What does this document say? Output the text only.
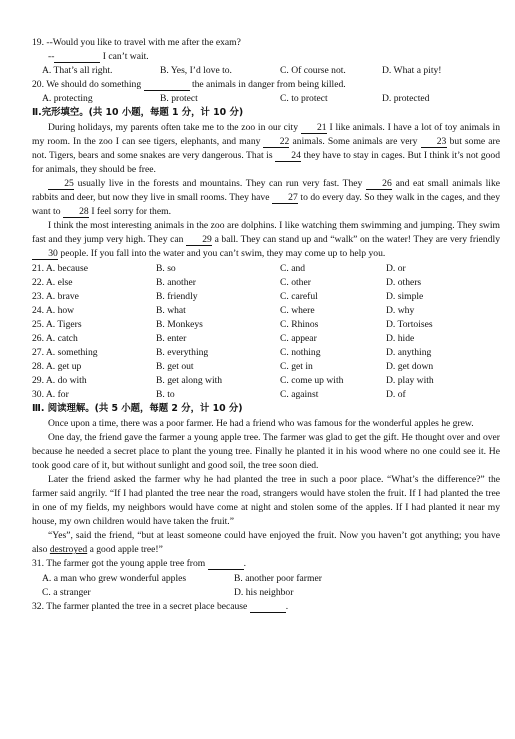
19. --Would you like to travel with me after the exam?
--	I can’t wait.
A. That’s all right.	B. Yes, I’d love to.	C. Of course not.	D. What a pity!
20. We should do something	the animals in danger from being killed.
A. protecting	B. protect	C. to protect	D. protected
Ⅱ.完形填空。(共 10 小题，每题 1 分，计 10 分)
During holidays, my parents often take me to the zoo in our city 21 I like animals. I have a lot of toy animals in my room. In the zoo I can see tigers, elephants, and many 22 animals. Some animals are very 23 but some are not. Tigers, bears and some snakes are very dangerous. That is 24 they have to stay in cages. But I think it’s not good for animals, they should be free.
25 usually live in the forests and mountains. They can run very fast. They 26 and eat small animals like rabbits and deer, but now they live in small rooms. They have 27 to do every day. So they walk in the cages, and they want to 28 I feel sorry for them.
I think the most interesting animals in the zoo are dolphins. I like watching them swimming and jumping. They swim fast and they jump very high. They can 29 a ball. They can stand up and “walk” on the water! They are very friendly 30 people. If you fall into the water and you can’t swim, they may come up to help you.
21. A. because	B. so	C. and	D. or
22. A. else	B. another	C. other	D. others
23. A. brave	B. friendly	C. careful	D. simple
24. A. how	B. what	C. where	D. why
25. A. Tigers	B. Monkeys	C. Rhinos	D. Tortoises
26. A. catch	B. enter	C. appear	D. hide
27. A. something	B. everything	C. nothing	D. anything
28. A. get up	B. get out	C. get in	D. get down
29. A. do with	B. get along with	C. come up with	D. play with
30. A. for	B. to	C. against	D. of
Ⅲ. 阅读理解。(共 5 小题，每题 2 分，计 10 分)
Once upon a time, there was a poor farmer. He had a friend who was famous for the wonderful apples he grew.
One day, the friend gave the farmer a young apple tree. The farmer was glad to get the gift. He thought over and over because he needed a secret place to plant the young tree. Finally he planted it in his wood where no one could see it. He took good care of it, but without sunlight and good soil, the tree soon died.
Later the friend asked the farmer why he had planted the tree in such a poor place. “What’s the difference?” the farmer said angrily. “If I had planted the tree near the road, strangers would have stolen the fruit. If I had planted the tree in one of my fields, my neighbors would have come at night and stolen some of the apples. If I had planted it near my house, my own children would have taken the fruit.”
“Yes”, said the friend, “but at least someone could have enjoyed the fruit. Now you haven’t got anything; you have also destroyed a good apple tree!”
31. The farmer got the young apple tree from	.
A. a man who grew wonderful apples	B. another poor farmer
C. a stranger	D. his neighbor
32. The farmer planted the tree in a secret place because	.
